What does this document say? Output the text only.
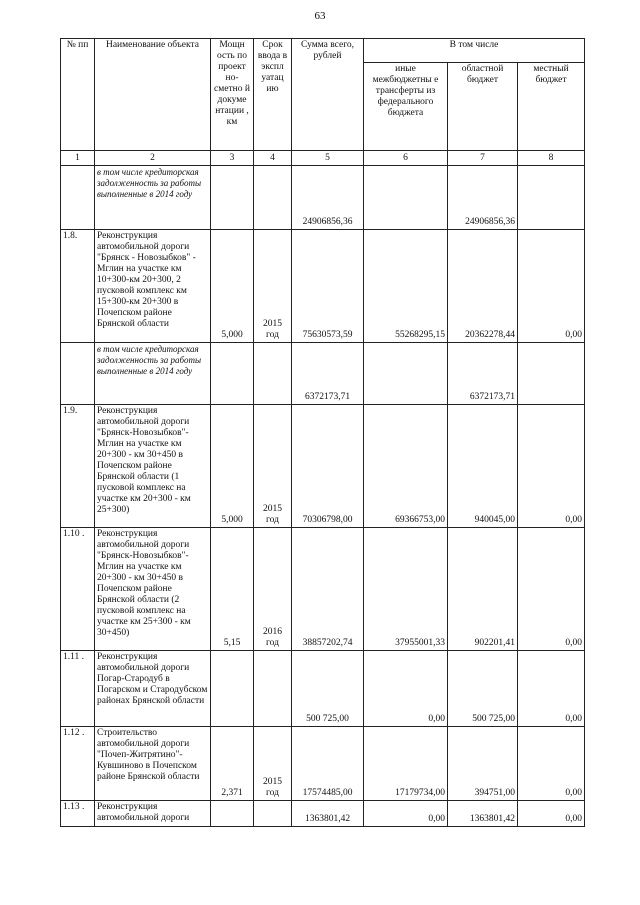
63
№ пп	Наименование объекта	Мощн ость по проект но-сметно й докуме нтации , км	Срок ввода в экспл уатац ию	Сумма всего, рублей	В том числе		
					иные межбюджетны е трансферты из федерального бюджета	областной бюджет	местный бюджет
1	2	3	4	5	6	7	8
	в том числе кредиторская задолженность за работы выполненные в 2014 году			24906856,36		24906856,36	
1.8.	Реконструкция автомобильной дороги "Брянск - Новозыбков" - Мглин на участке км 10+300-км 20+300, 2 пусковой комплекс км 15+300-км 20+300 в Почепском районе Брянской области	5,000	2015 год	75630573,59	55268295,15	20362278,44	0,00
	в том числе кредиторская задолженность за работы выполненные в 2014 году			6372173,71		6372173,71	
1.9.	Реконструкция автомобильной дороги "Брянск-Новозыбков"- Мглин на участке км 20+300 - км 30+450 в Почепском районе Брянской области (1 пусковой комплекс на участке км 20+300 - км 25+300)	5,000	2015 год	70306798,00	69366753,00	940045,00	0,00
1.10 .	Реконструкция автомобильной дороги "Брянск-Новозыбков"- Мглин на участке км 20+300 - км 30+450 в Почепском районе Брянской области (2 пусковой комплекс на участке км 25+300 - км 30+450)	5,15	2016 год	38857202,74	37955001,33	902201,41	0,00
1.11 .	Реконструкция автомобильной дороги Погар-Стародуб в Погарском и Стародубском районах Брянской области			500 725,00	0,00	500 725,00	0,00
1.12 .	Строительство автомобильной дороги "Почеп-Житрятино"- Кувшиново в Почепском районе Брянской области	2,371	2015 год	17574485,00	17179734,00	394751,00	0,00
1.13 .	Реконструкция автомобильной дороги			1363801,42	0,00	1363801,42	0,00
